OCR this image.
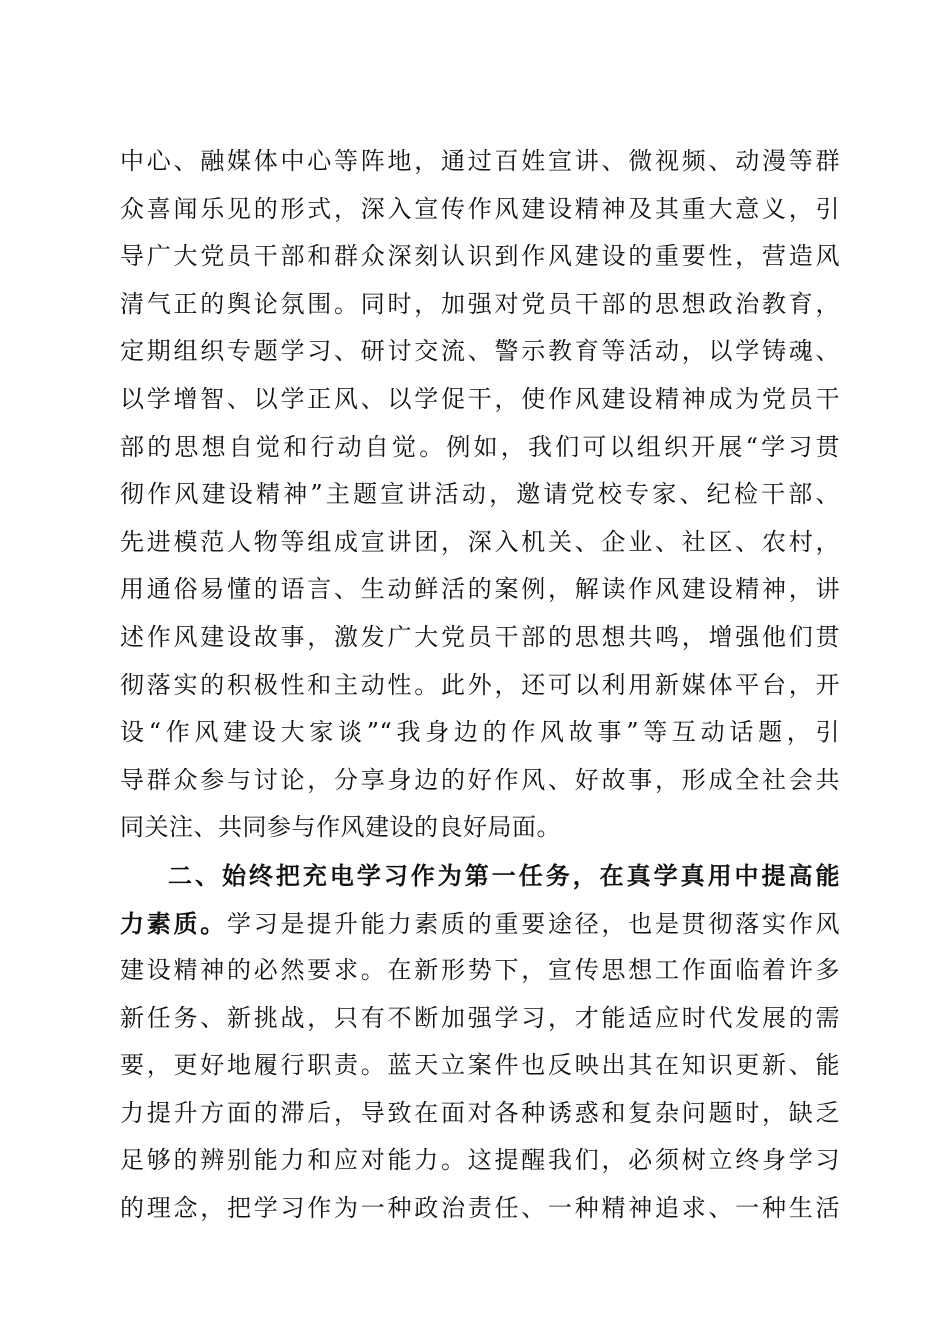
中心、融媒体中心等阵地，通过百姓宣讲、微视频、动漫等群
众喜闻乐见的形式，深入宣传作风建设精神及其重大意义，引
导广大党员干部和群众深刻认识到作风建设的重要性，营造风
清气正的舆论氛围。同时，加强对党员干部的思想政治教育，
定期组织专题学习、研讨交流、警示教育等活动，以学铸魂、
以学增智、以学正风、以学促干，使作风建设精神成为党员干
部的思想自觉和行动自觉。例如，我们可以组织开展“学习贯
彻作风建设精神”主题宣讲活动，邀请党校专家、纪检干部、
先进模范人物等组成宣讲团，深入机关、企业、社区、农村，
用通俗易懂的语言、生动鲜活的案例，解读作风建设精神，讲
述作风建设故事，激发广大党员干部的思想共鸣，增强他们贯
彻落实的积极性和主动性。此外，还可以利用新媒体平台，开
设“作风建设大家谈”“我身边的作风故事”等互动话题，引
导群众参与讨论，分享身边的好作风、好故事，形成全社会共
同关注、共同参与作风建设的良好局面。
二、始终把充电学习作为第一任务，在真学真用中提高能
力素质。学习是提升能力素质的重要途径，也是贯彻落实作风
建设精神的必然要求。在新形势下，宣传思想工作面临着许多
新任务、新挑战，只有不断加强学习，才能适应时代发展的需
要，更好地履行职责。蓝天立案件也反映出其在知识更新、能
力提升方面的滞后，导致在面对各种诱惑和复杂问题时，缺乏
足够的辨别能力和应对能力。这提醒我们，必须树立终身学习
的理念，把学习作为一种政治责任、一种精神追求、一种生活
